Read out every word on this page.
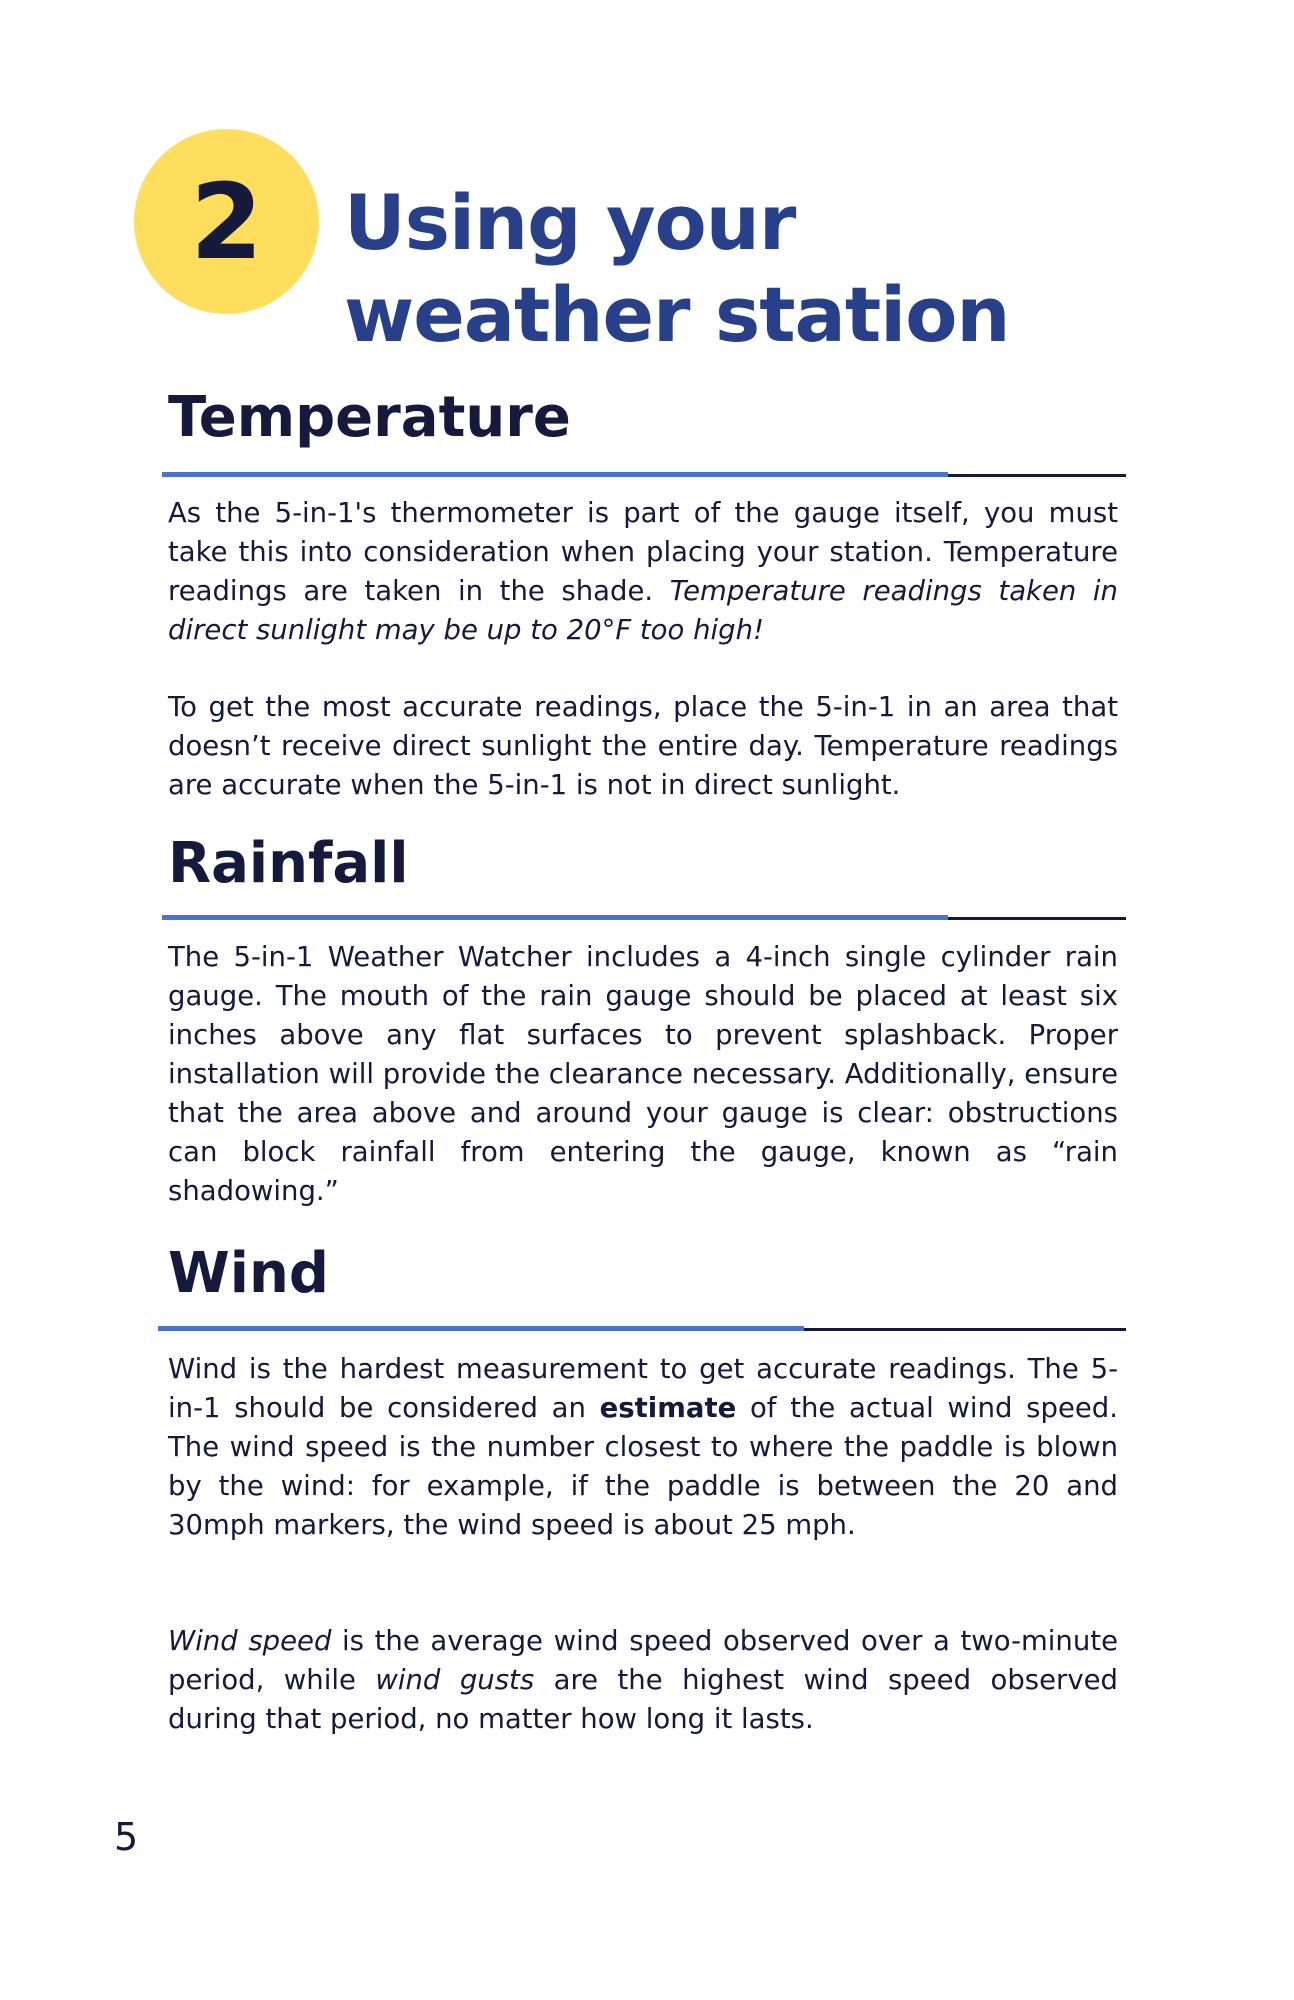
2 Using your
weather station
Temperature

As the 5-in-1's thermometer is part of the gauge itself, you must take this into consideration when placing your station. Temperature readings are taken in the shade. Temperature readings taken in direct sunlight may be up to 20°F too high!

To get the most accurate readings, place the 5-in-1 in an area that doesn’t receive direct sunlight the entire day. Temperature readings are accurate when the 5-in-1 is not in direct sunlight.

Rainfall

The 5-in-1 Weather Watcher includes a 4-inch single cylinder rain gauge. The mouth of the rain gauge should be placed at least six inches above any flat surfaces to prevent splashback. Proper installation will provide the clearance necessary. Additionally, ensure that the area above and around your gauge is clear: obstructions can block rainfall from entering the gauge, known as “rain shadowing.”

Wind

Wind is the hardest measurement to get accurate readings. The 5-in-1 should be considered an estimate of the actual wind speed. The wind speed is the number closest to where the paddle is blown by the wind: for example, if the paddle is between the 20 and 30mph markers, the wind speed is about 25 mph.

Wind speed is the average wind speed observed over a two-minute period, while wind gusts are the highest wind speed observed during that period, no matter how long it lasts.

5
